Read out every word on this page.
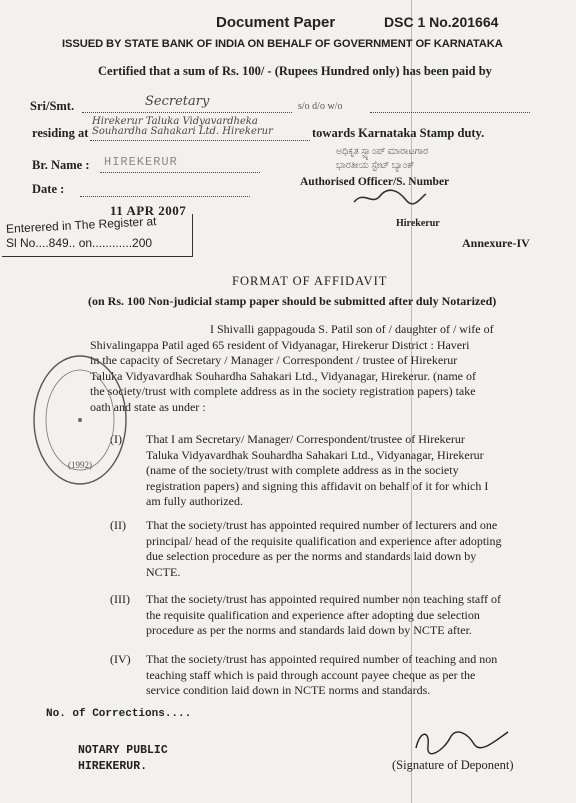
Document Paper	DSC 1 No.201664
ISSUED BY STATE BANK OF INDIA ON BEHALF OF GOVERNMENT OF KARNATAKA
Certified that a sum of Rs. 100/ - (Rupees Hundred only) has been paid by
Sri/Smt.	Secretary	s/o d/o w/o
Hirekerur Taluka Vidyavardheka
residing at Souhardha Sahakari Ltd. Hirekerur	towards Karnataka Stamp duty.
ಅಧಿಕೃತ ಸ್ಟ್ಯಾಂಪ್ ಮಾರಾಟಗಾರ
ಭಾರತೀಯ ಸ್ಟೇಟ್ ಬ್ಯಾಂಕ್
Br. Name : HIREKERUR
Date :	Authorised Officer/S. Number
11 APR 2007
Enterered in The Register at
Sl No....849.. on............200
Hirekerur
Annexure-IV
FORMAT OF AFFIDAVIT
(on Rs. 100 Non-judicial stamp paper should be submitted after duly Notarized)
I Shivalli gappagouda S. Patil son of / daughter of / wife of
Shivalingappa Patil aged 65 resident of Vidyanagar, Hirekerur District : Haveri
in the capacity of Secretary / Manager / Correspondent / trustee of Hirekerur
Taluka Vidyavardhak Souhardha Sahakari Ltd., Vidyanagar, Hirekerur. (name of
the society/trust with complete address as in the society registration papers) take
oath and state as under :
(I) That I am Secretary/ Manager/ Correspondent/trustee of Hirekerur
Taluka Vidyavardhak Souhardha Sahakari Ltd., Vidyanagar, Hirekerur
(name of the society/trust with complete address as in the society
registration papers) and signing this affidavit on behalf of it for which I
am fully authorized.
(II) That the society/trust has appointed required number of lecturers and one
principal/ head of the requisite qualification and experience after adopting
due selection procedure as per the norms and standards laid down by
NCTE.
(III) That the society/trust has appointed required number non teaching staff of
the requisite qualification and experience after adopting due selection
procedure as per the norms and standards laid down by NCTE after.
(IV) That the society/trust has appointed required number of teaching and non
teaching staff which is paid through account payee cheque as per the
service condition laid down in NCTE norms and standards.
(1992)
No. of Corrections....
NOTARY PUBLIC
HIREKERUR.	(Signature of Deponent)
